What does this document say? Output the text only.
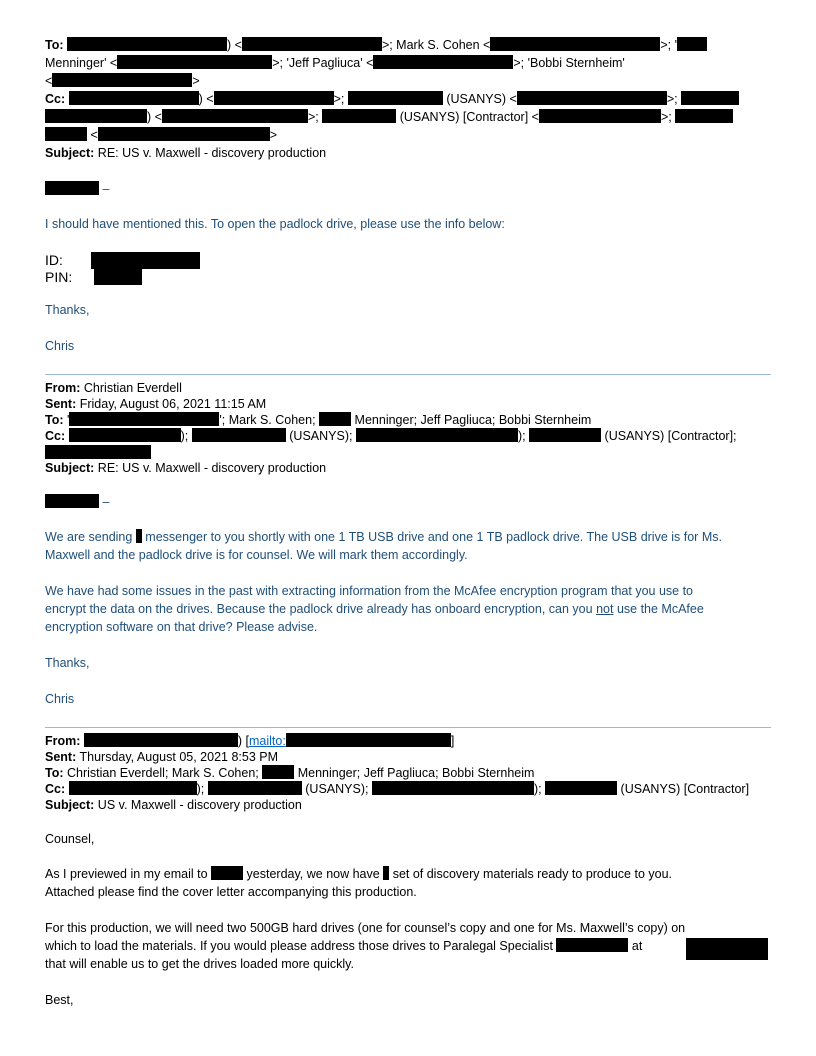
To:	) <	>; Mark S. Cohen <	>; '
Menninger' <	>; 'Jeff Pagliuca' <	>; 'Bobbi Sternheim'
<	>
Cc:	) <	>;	(USANYS) <	>;
) <	>;	(USANYS) [Contractor] <	>;
<	>
Subject: RE: US v. Maxwell - discovery production
–
I should have mentioned this. To open the padlock drive, please use the info below:
ID:
PIN:
Thanks,
Chris
From: Christian Everdell
Sent: Friday, August 06, 2021 11:15 AM
To: '	'; Mark S. Cohen;	Menninger; Jeff Pagliuca; Bobbi Sternheim
Cc:	);	(USANYS);	);	(USANYS) [Contractor];
Subject: RE: US v. Maxwell - discovery production
–
We are sending messenger to you shortly with one 1 TB USB drive and one 1 TB padlock drive. The USB drive is for Ms.
Maxwell and the padlock drive is for counsel. We will mark them accordingly.
We have had some issues in the past with extracting information from the McAfee encryption program that you use to
encrypt the data on the drives. Because the padlock drive already has onboard encryption, can you not use the McAfee
encryption software on that drive? Please advise.
Thanks,
Chris
From:	) [mailto:	]
Sent: Thursday, August 05, 2021 8:53 PM
To: Christian Everdell; Mark S. Cohen;	Menninger; Jeff Pagliuca; Bobbi Sternheim
Cc:	);	(USANYS);	);	(USANYS) [Contractor]
Subject: US v. Maxwell - discovery production
Counsel,
As I previewed in my email to	yesterday, we now have set of discovery materials ready to produce to you.
Attached please find the cover letter accompanying this production.
For this production, we will need two 500GB hard drives (one for counsel’s copy and one for Ms. Maxwell’s copy) on
which to load the materials. If you would please address those drives to Paralegal Specialist	at
that will enable us to get the drives loaded more quickly.
Best,
